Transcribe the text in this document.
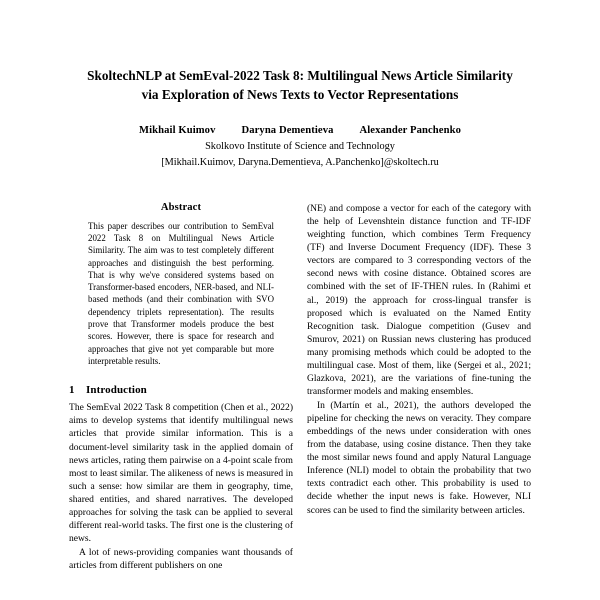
SkoltechNLP at SemEval-2022 Task 8: Multilingual News Article Similarity
via Exploration of News Texts to Vector Representations
Mikhail Kuimov Daryna Dementieva Alexander Panchenko
Skolkovo Institute of Science and Technology
[Mikhail.Kuimov, Daryna.Dementieva, A.Panchenko]@skoltech.ru
Abstract

This paper describes our contribution to SemEval 2022 Task 8 on Multilingual News Article Similarity. The aim was to test completely different approaches and distinguish the best performing. That is why we've considered systems based on Transformer-based encoders, NER-based, and NLI-based methods (and their combination with SVO dependency triplets representation). The results prove that Transformer models produce the best scores. However, there is space for research and approaches that give not yet comparable but more interpretable results.

1	Introduction

The SemEval 2022 Task 8 competition (Chen et al., 2022) aims to develop systems that identify multilingual news articles that provide similar information. This is a document-level similarity task in the applied domain of news articles, rating them pairwise on a 4-point scale from most to least similar. The alikeness of news is measured in such a sense: how similar are them in geography, time, shared entities, and shared narratives. The developed approaches for solving the task can be applied to several different real-world tasks. The first one is the clustering of news.

A lot of news-providing companies want thousands of articles from different publishers on one

(NE) and compose a vector for each of the category with the help of Levenshtein distance function and TF-IDF weighting function, which combines Term Frequency (TF) and Inverse Document Frequency (IDF). These 3 vectors are compared to 3 corresponding vectors of the second news with cosine distance. Obtained scores are combined with the set of IF-THEN rules. In (Rahimi et al., 2019) the approach for cross-lingual transfer is proposed which is evaluated on the Named Entity Recognition task. Dialogue competition (Gusev and Smurov, 2021) on Russian news clustering has produced many promising methods which could be adopted to the multilingual case. Most of them, like (Sergei et al., 2021; Glazkova, 2021), are the variations of fine-tuning the transformer models and making ensembles.

In (Martín et al., 2021), the authors developed the pipeline for checking the news on veracity. They compare embeddings of the news under consideration with ones from the database, using cosine distance. Then they take the most similar news found and apply Natural Language Inference (NLI) model to obtain the probability that two texts contradict each other. This probability is used to decide whether the input news is fake. However, NLI scores can be used to find the similarity between articles.
